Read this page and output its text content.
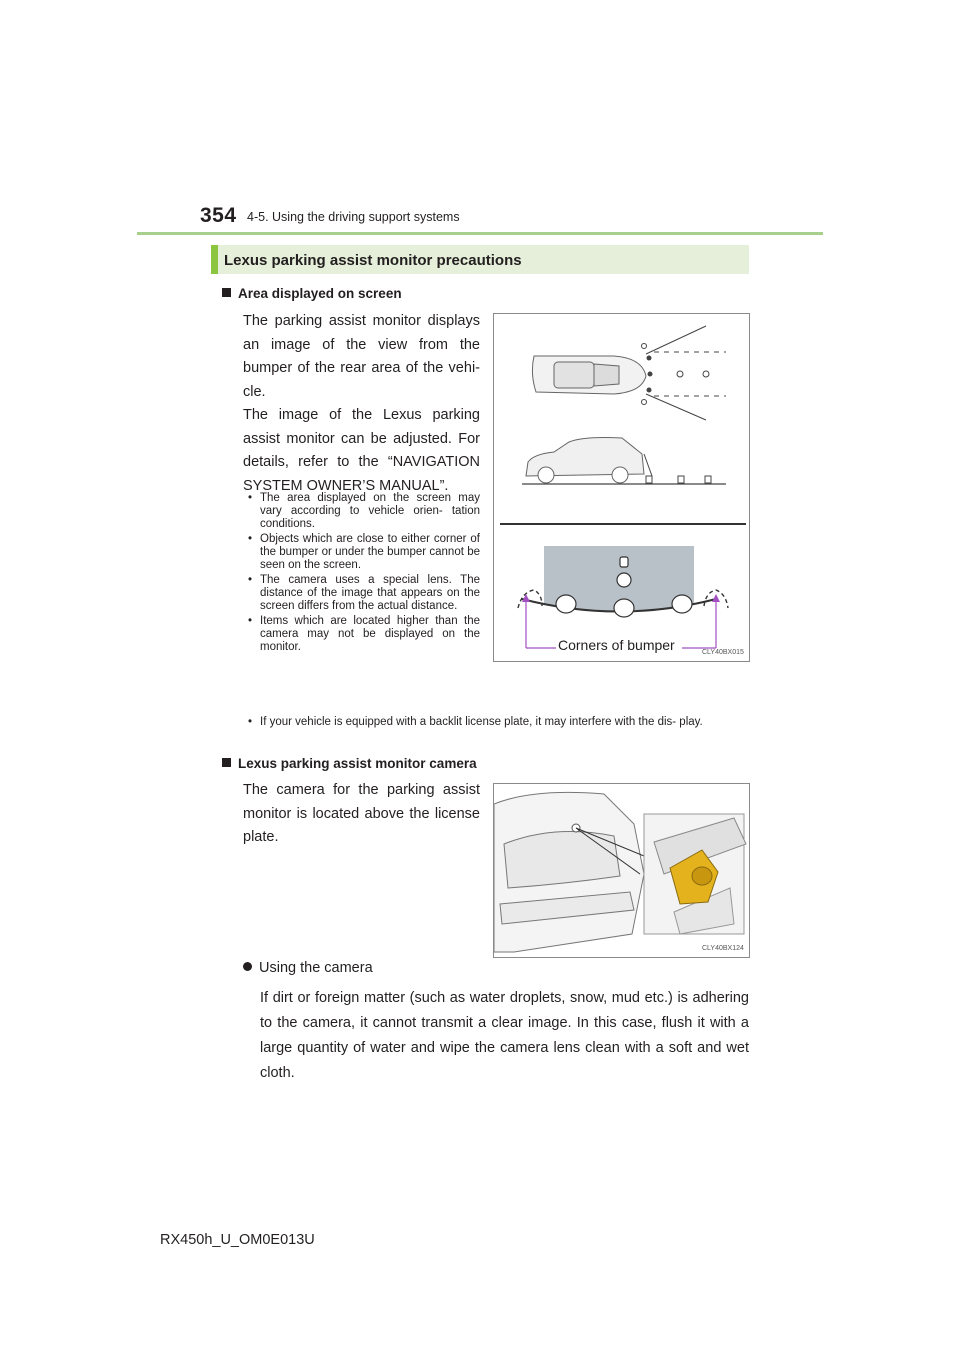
354 4-5. Using the driving support systems
Lexus parking assist monitor precautions
Area displayed on screen
The parking assist monitor displays an image of the view from the bumper of the rear area of the vehi- cle.
The image of the Lexus parking assist monitor can be adjusted. For details, refer to the “NAVIGATION SYSTEM OWNER’S MANUAL”.
• The area displayed on the screen may vary according to vehicle orien- tation conditions.
• Objects which are close to either corner of the bumper or under the bumper cannot be seen on the screen.
• The camera uses a special lens. The distance of the image that appears on the screen differs from the actual distance.
• Items which are located higher than the camera may not be displayed on the monitor.
• If your vehicle is equipped with a backlit license plate, it may interfere with the dis- play.
Corners of bumper	CLY40BX015
Lexus parking assist monitor camera
The camera for the parking assist monitor is located above the license plate.
CLY40BX124
Using the camera
If dirt or foreign matter (such as water droplets, snow, mud etc.) is adhering to the camera, it cannot transmit a clear image. In this case, flush it with a large quantity of water and wipe the camera lens clean with a soft and wet cloth.
RX450h_U_OM0E013U
